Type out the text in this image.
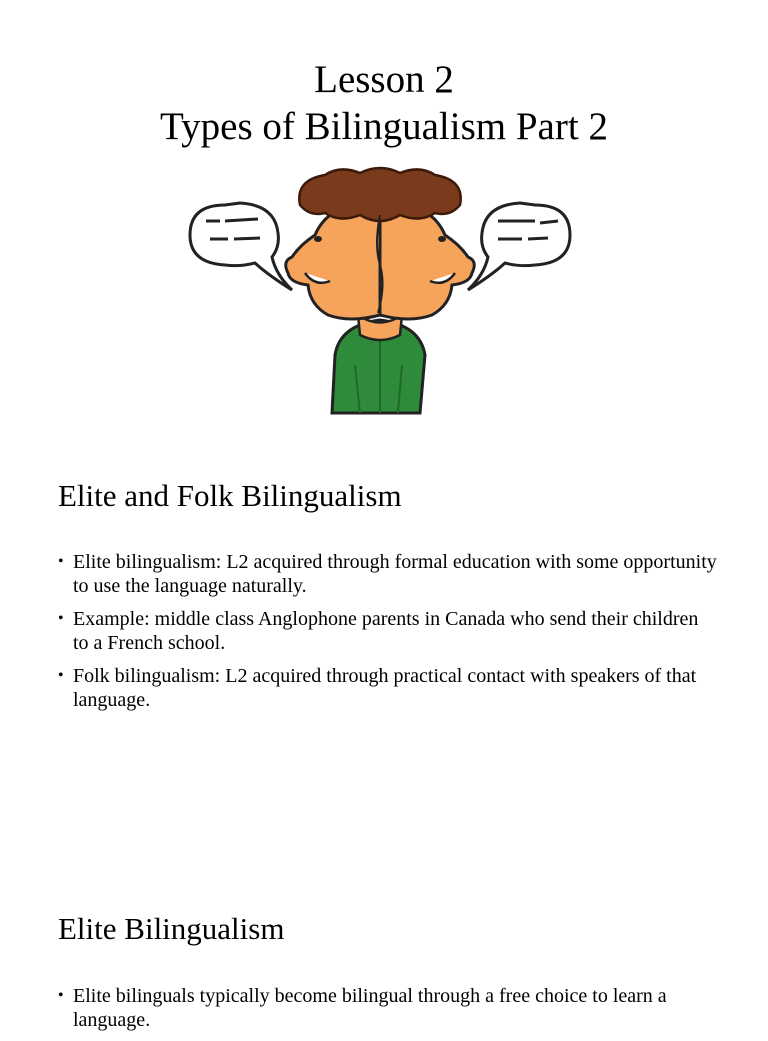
Lesson 2
Types of Bilingualism Part 2
Elite and Folk Bilingualism
• Elite bilingualism: L2 acquired through formal education with some opportunity to use the language naturally.
• Example: middle class Anglophone parents in Canada who send their children to a French school.
• Folk bilingualism: L2 acquired through practical contact with speakers of that language.
Elite Bilingualism
• Elite bilinguals typically become bilingual through a free choice to learn a language.
